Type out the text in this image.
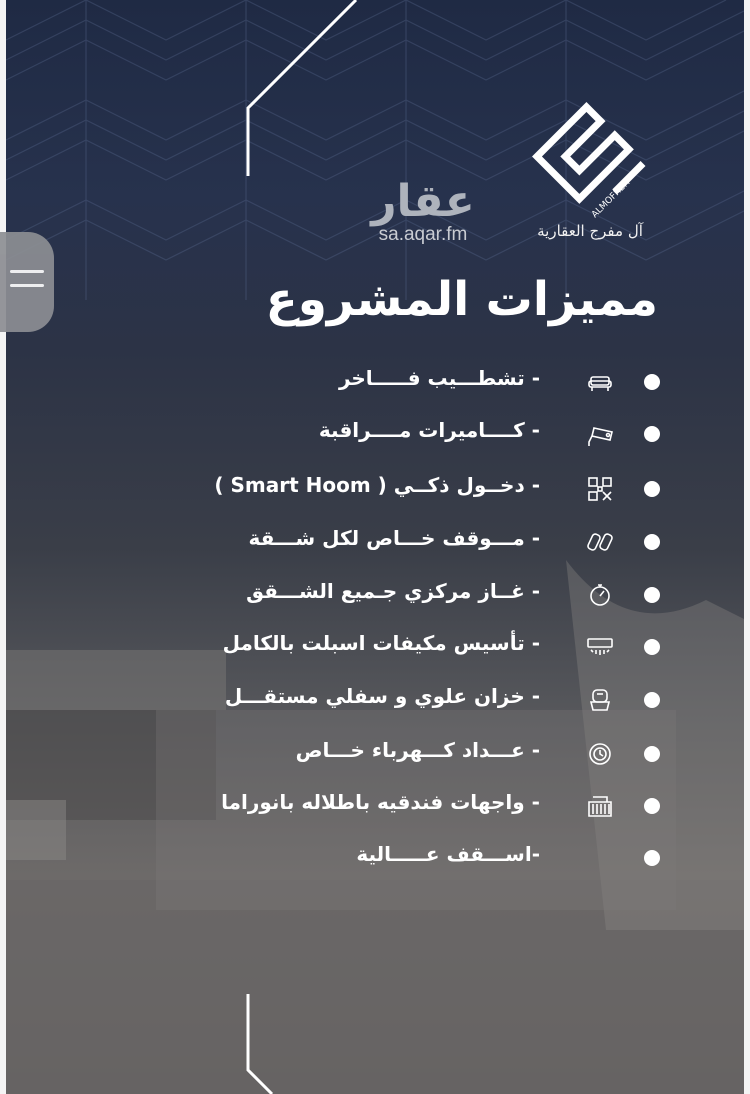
عقار
sa.aqar.fm
ALMOFREH
آل مفرج العقارية
مميزات المشروع
- تشطـــيب فـــــاخر
- كــــاميرات مــــراقبة
- دخــول ذكــي ( Smart Hoom )
- مـــوقف خـــاص لكل شـــقة
- غــاز مركزي جـميع الشـــقق
- تأسيس مكيفات اسبلت بالكامل
- خزان علوي و سفلي مستقـــل
- عـــداد كـــهرباء خـــاص
- واجهات فندقيه باطلاله بانوراما
-اســـقف عـــــالية
